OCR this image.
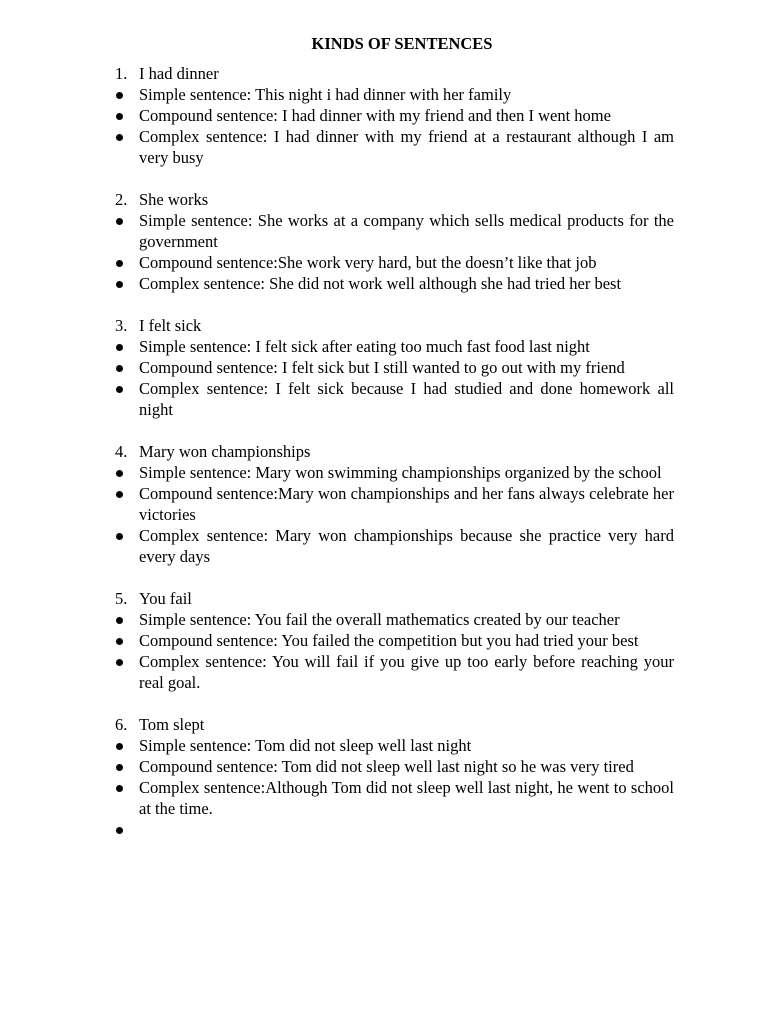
KINDS OF SENTENCES
1. I had dinner
Simple sentence: This night i had dinner with her family
Compound sentence: I had dinner with my friend and then I went home
Complex sentence: I had dinner with my friend at a restaurant although I am very busy
2. She works
Simple sentence: She works at a company which sells medical products for the government
Compound sentence:She work very hard, but the doesn’t like that job
Complex sentence: She did not work well although she had tried her best
3. I felt sick
Simple sentence: I felt sick after eating too much fast food last night
Compound sentence: I felt sick but I still wanted to go out with my friend
Complex sentence: I felt sick because I had studied and done homework all night
4. Mary won championships
Simple sentence: Mary won swimming championships organized by the school
Compound sentence:Mary won championships and her fans always celebrate her victories
Complex sentence: Mary won championships because she practice very hard every days
5. You fail
Simple sentence: You fail the overall mathematics created by our teacher
Compound sentence: You failed the competition but you had tried your best
Complex sentence: You will fail if you give up too early before reaching your real goal.
6. Tom slept
Simple sentence: Tom did not sleep well last night
Compound sentence: Tom did not sleep well last night so he was very tired
Complex sentence:Although Tom did not sleep well last night, he went to school at the time.
